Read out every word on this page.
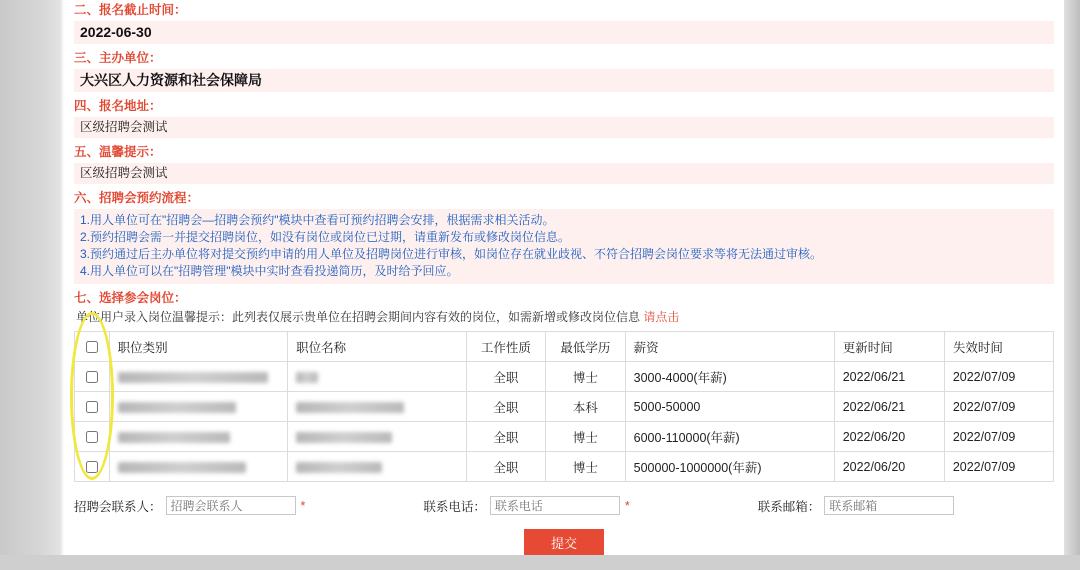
二、报名截止时间：
2022-06-30
三、主办单位：
大兴区人力资源和社会保障局
四、报名地址：
区级招聘会测试
五、温馨提示：
区级招聘会测试
六、招聘会预约流程：
1.用人单位可在"招聘会—招聘会预约"模块中查看可预约招聘会安排，根据需求相关活动。
2.预约招聘会需一并提交招聘岗位，如没有岗位或岗位已过期，请重新发布或修改岗位信息。
3.预约通过后主办单位将对提交预约申请的用人单位及招聘岗位进行审核，如岗位存在就业歧视、不符合招聘会岗位要求等将无法通过审核。
4.用人单位可以在"招聘管理"模块中实时查看投递简历，及时给予回应。
七、选择参会岗位：
单位用户录入岗位温馨提示：此列表仅展示贵单位在招聘会期间内容有效的岗位，如需新增或修改岗位信息 请点击
	职位类别	职位名称	工作性质	最低学历	薪资	更新时间	失效时间
			全职	博士	3000-4000(年薪)	2022/06/21	2022/07/09
			全职	本科	5000-50000	2022/06/21	2022/07/09
			全职	博士	6000-110000(年薪)	2022/06/20	2022/07/09
			全职	博士	500000-1000000(年薪)	2022/06/20	2022/07/09
招聘会联系人：
招聘会联系人	*	联系电话：
联系电话	*	联系邮箱：
联系邮箱
提交
